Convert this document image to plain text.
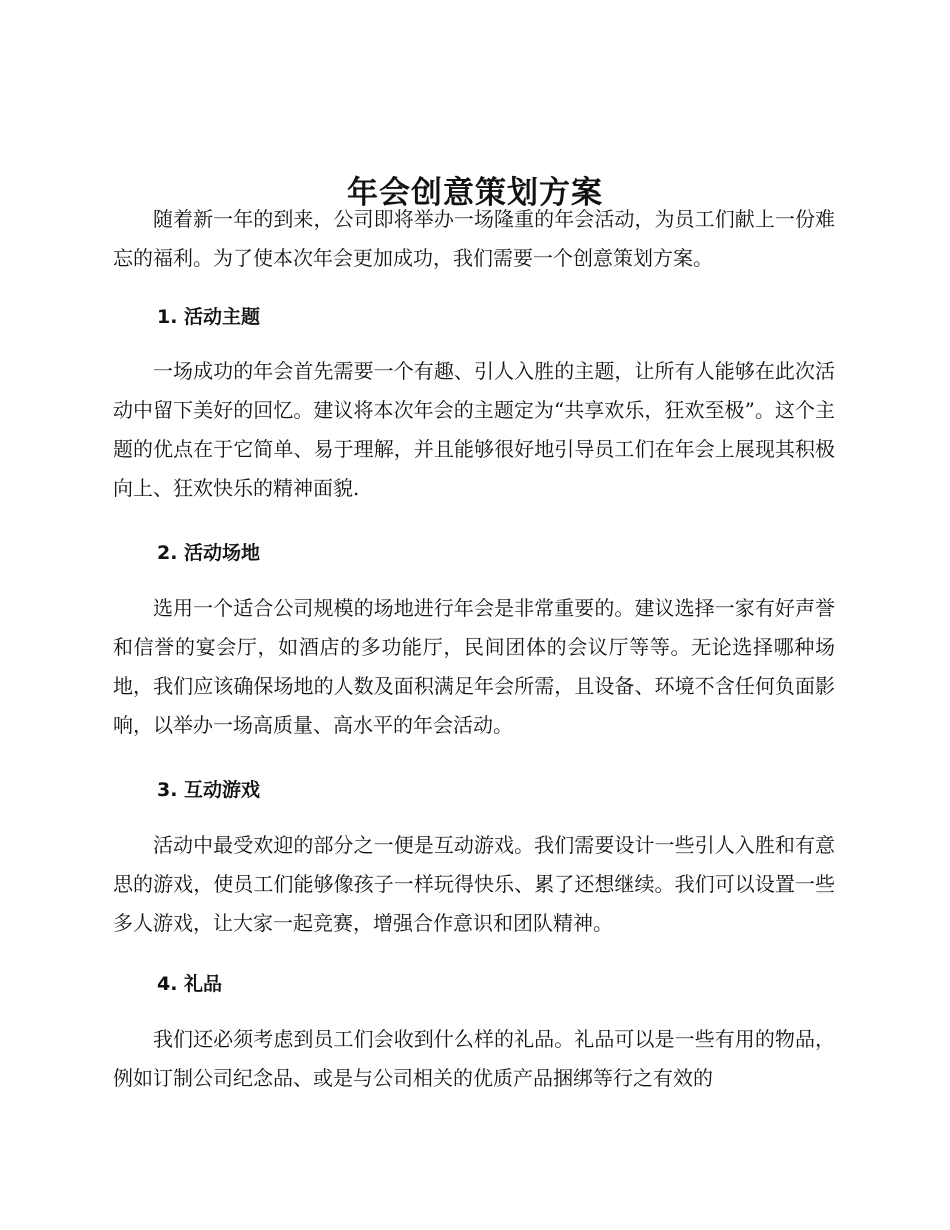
年会创意策划方案

随着新一年的到来，公司即将举办一场隆重的年会活动，为员工们献上一份难忘的福利。为了使本次年会更加成功，我们需要一个创意策划方案。

1. 活动主题

一场成功的年会首先需要一个有趣、引人入胜的主题，让所有人能够在此次活动中留下美好的回忆。建议将本次年会的主题定为“共享欢乐，狂欢至极”。这个主题的优点在于它简单、易于理解，并且能够很好地引导员工们在年会上展现其积极向上、狂欢快乐的精神面貌.

2. 活动场地

选用一个适合公司规模的场地进行年会是非常重要的。建议选择一家有好声誉和信誉的宴会厅，如酒店的多功能厅，民间团体的会议厅等等。无论选择哪种场地，我们应该确保场地的人数及面积满足年会所需，且设备、环境不含任何负面影响，以举办一场高质量、高水平的年会活动。

3. 互动游戏

活动中最受欢迎的部分之一便是互动游戏。我们需要设计一些引人入胜和有意思的游戏，使员工们能够像孩子一样玩得快乐、累了还想继续。我们可以设置一些多人游戏，让大家一起竞赛，增强合作意识和团队精神。

4. 礼品

我们还必须考虑到员工们会收到什么样的礼品。礼品可以是一些有用的物品，例如订制公司纪念品、或是与公司相关的优质产品捆绑等行之有效的
